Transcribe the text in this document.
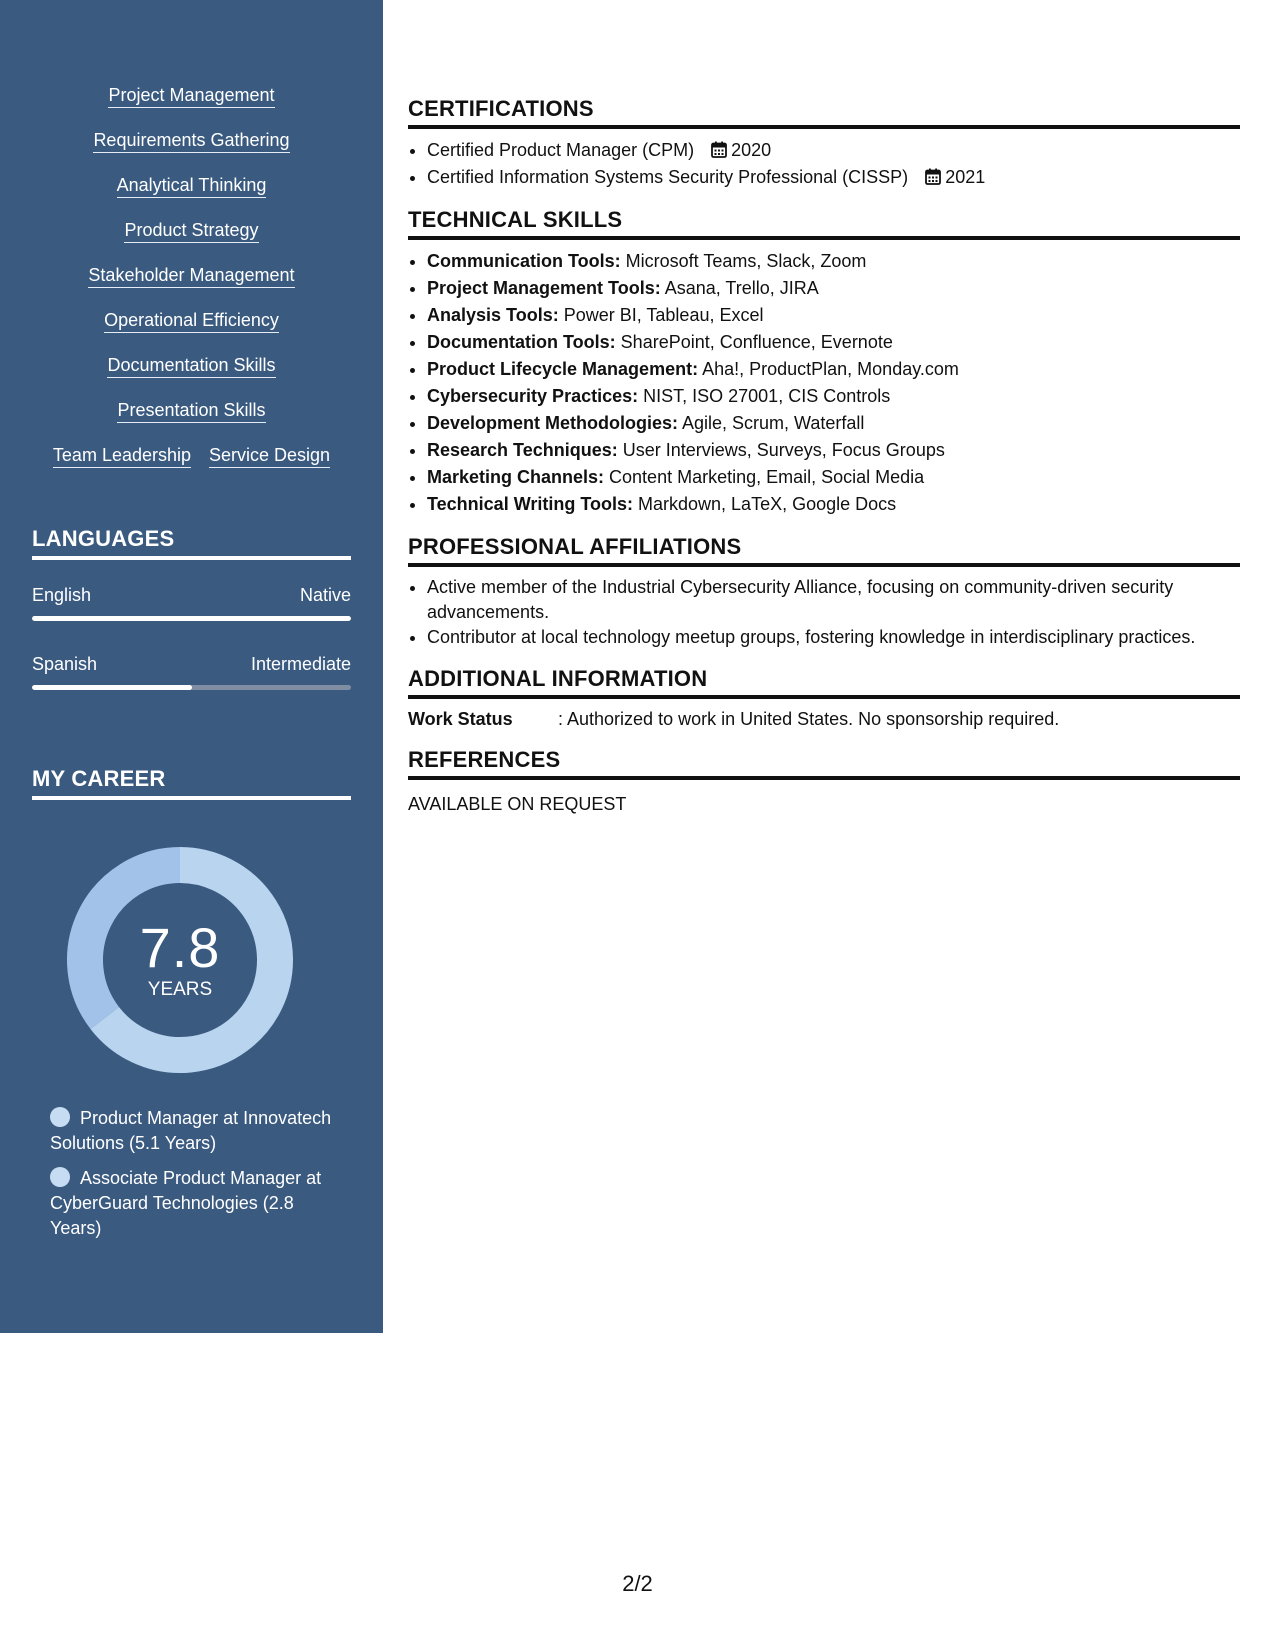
Project Management
Requirements Gathering
Analytical Thinking
Product Strategy
Stakeholder Management
Operational Efficiency
Documentation Skills
Presentation Skills
Team Leadership Service Design
LANGUAGES
English	Native
Spanish	Intermediate
MY CAREER
7.8
YEARS
Product Manager at Innovatech Solutions (5.1 Years)
Associate Product Manager at CyberGuard Technologies (2.8 Years)
CERTIFICATIONS
• Certified Product Manager (CPM) 2020
• Certified Information Systems Security Professional (CISSP) 2021
TECHNICAL SKILLS
• Communication Tools: Microsoft Teams, Slack, Zoom
• Project Management Tools: Asana, Trello, JIRA
• Analysis Tools: Power BI, Tableau, Excel
• Documentation Tools: SharePoint, Confluence, Evernote
• Product Lifecycle Management: Aha!, ProductPlan, Monday.com
• Cybersecurity Practices: NIST, ISO 27001, CIS Controls
• Development Methodologies: Agile, Scrum, Waterfall
• Research Techniques: User Interviews, Surveys, Focus Groups
• Marketing Channels: Content Marketing, Email, Social Media
• Technical Writing Tools: Markdown, LaTeX, Google Docs
PROFESSIONAL AFFILIATIONS
• Active member of the Industrial Cybersecurity Alliance, focusing on community-driven security advancements.
• Contributor at local technology meetup groups, fostering knowledge in interdisciplinary practices.
ADDITIONAL INFORMATION
Work Status	: Authorized to work in United States. No sponsorship required.
REFERENCES
AVAILABLE ON REQUEST
2/2
